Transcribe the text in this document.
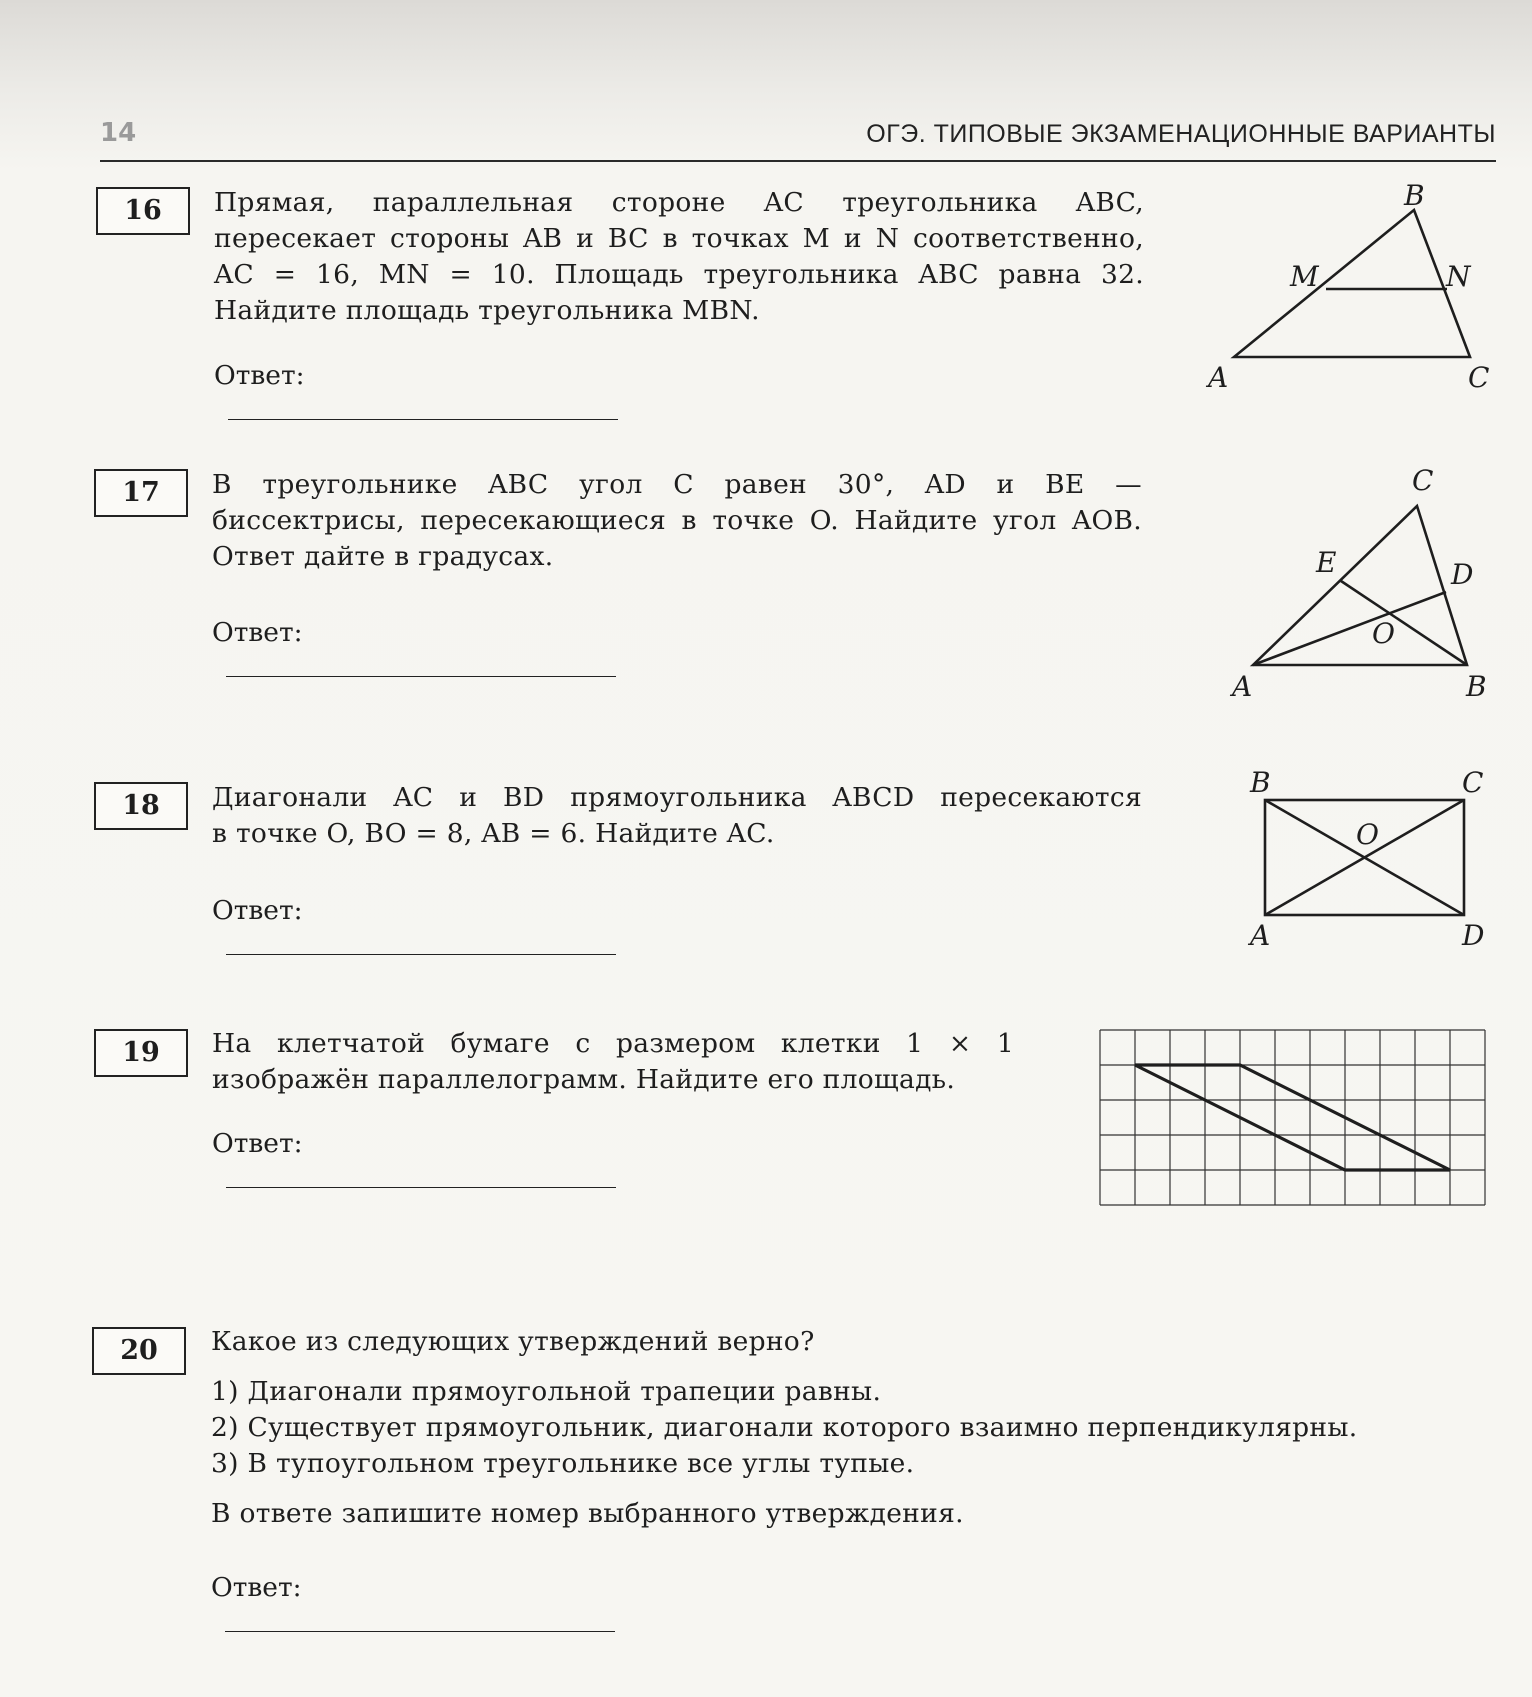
14	ОГЭ. ТИПОВЫЕ ЭКЗАМЕНАЦИОННЫЕ ВАРИАНТЫ
16	Прямая, параллельная стороне AC треугольника ABC,
пересекает стороны AB и BC в точках M и N соответственно,
AC = 16, MN = 10. Площадь треугольника ABC равна 32.
Найдите площадь треугольника MBN.
Ответ:
B
M	N
A	C
17	В треугольнике ABC угол C равен 30°, AD и BE —
биссектрисы, пересекающиеся в точке O. Найдите угол AOB.
Ответ дайте в градусах.
Ответ:
C
E	D
O
A	B
18	Диагонали AC и BD прямоугольника ABCD пересекаются
в точке O, BO = 8, AB = 6. Найдите AC.
Ответ:
B	C
O
A	D
19	На клетчатой бумаге с размером клетки 1 × 1
изображён параллелограмм. Найдите его площадь.
Ответ:
20	Какое из следующих утверждений верно?
1) Диагонали прямоугольной трапеции равны.
2) Существует прямоугольник, диагонали которого взаимно перпендикулярны.
3) В тупоугольном треугольнике все углы тупые.
В ответе запишите номер выбранного утверждения.
Ответ:
